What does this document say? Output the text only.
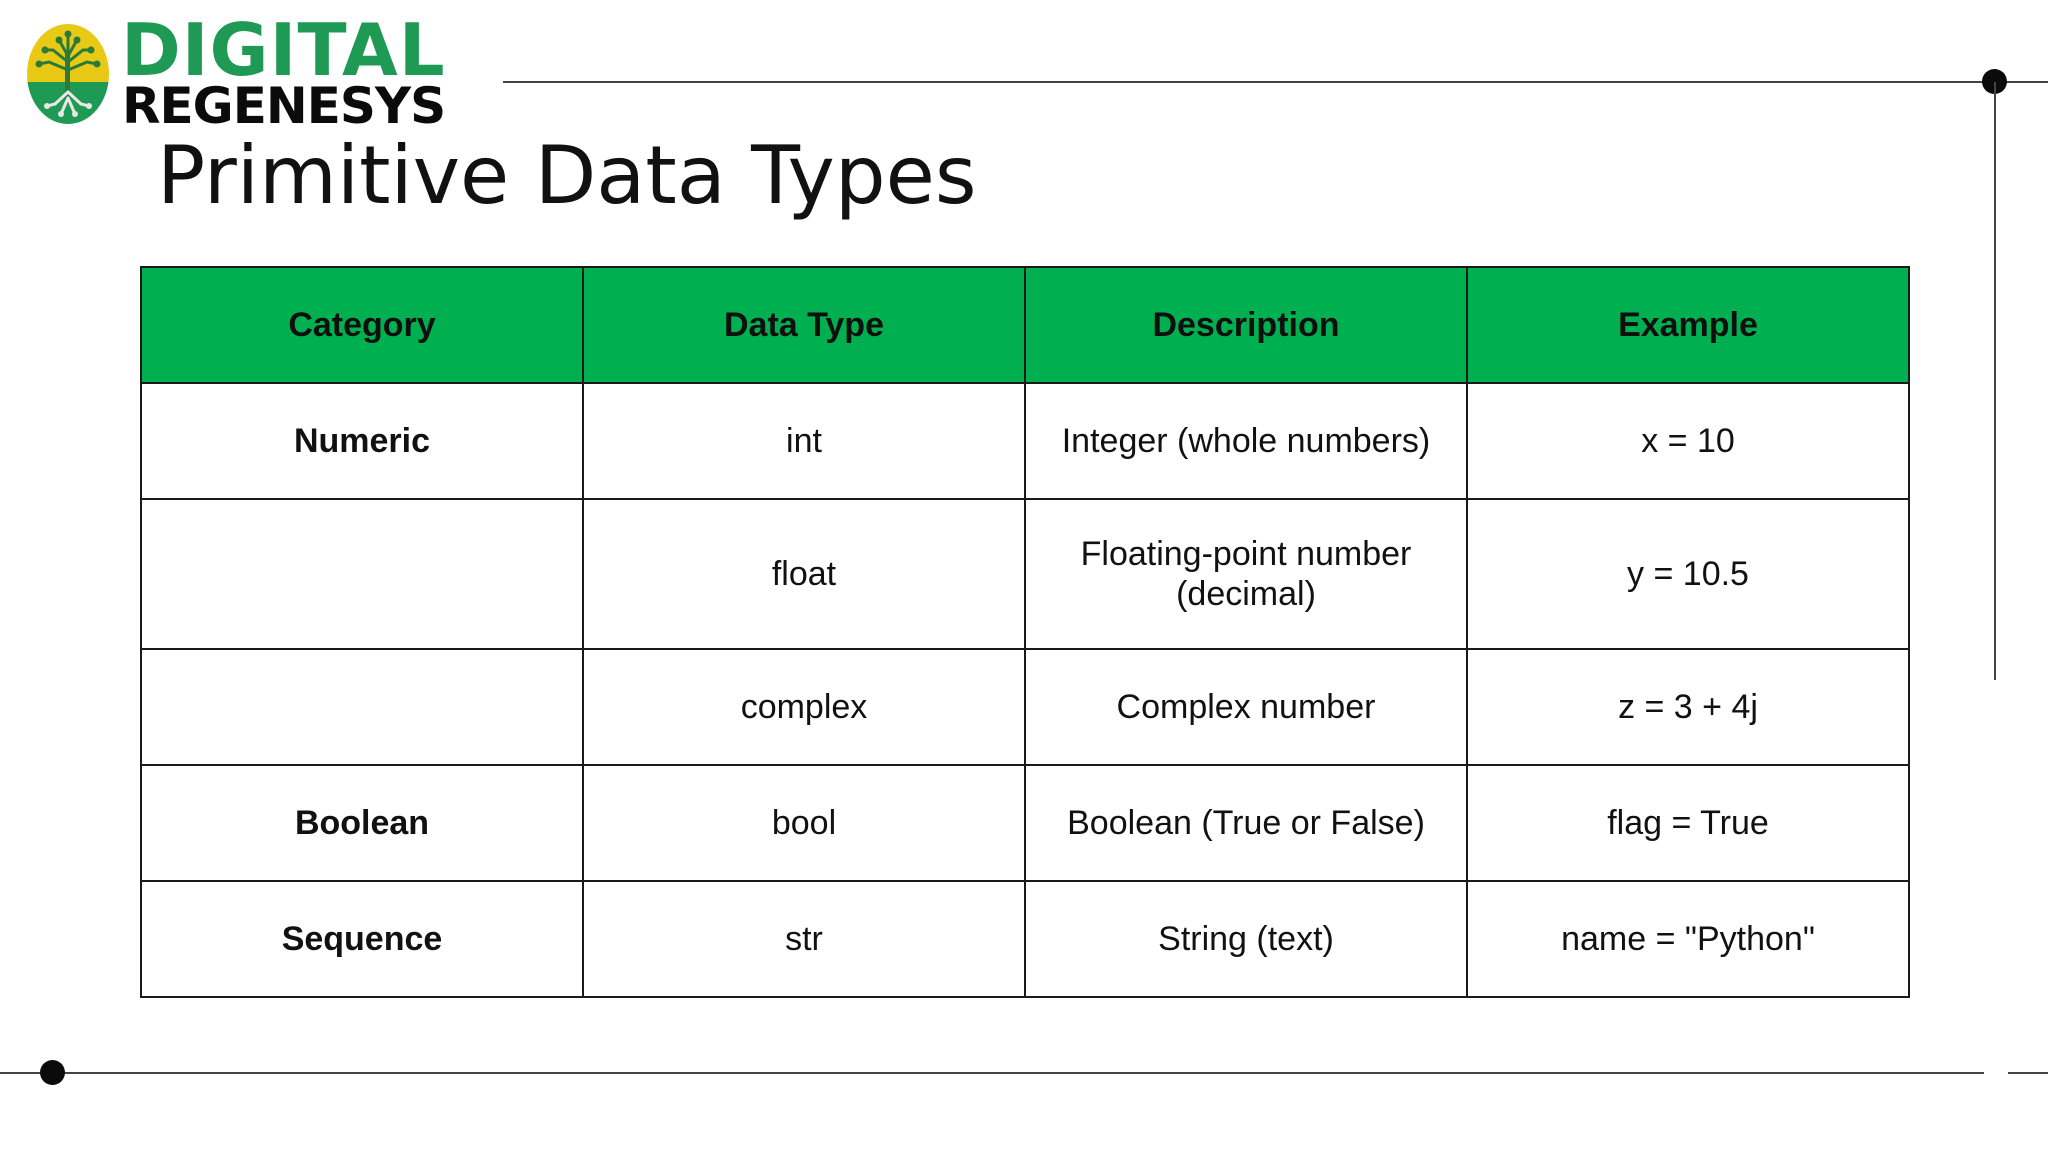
DIGITAL
REGENESYS
Primitive Data Types
Category	Data Type	Description	Example
Numeric	int	Integer (whole numbers)	x = 10
	float	Floating-point number (decimal)	y = 10.5
	complex	Complex number	z = 3 + 4j
Boolean	bool	Boolean (True or False)	flag = True
Sequence	str	String (text)	name = "Python"
